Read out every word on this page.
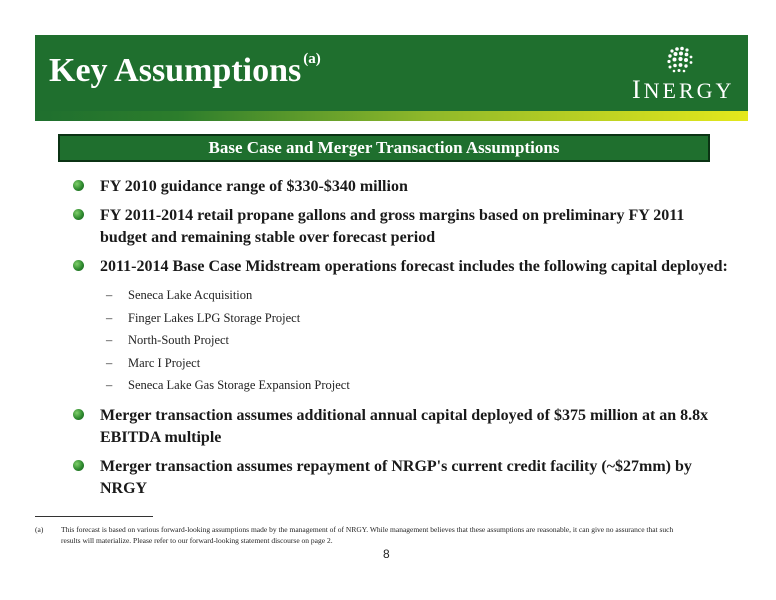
Key Assumptions $^{(a)}$
INERGY
Base Case and Merger Transaction Assumptions
FY 2010 guidance range of $330-$340 million
FY 2011-2014 retail propane gallons and gross margins based on preliminary FY 2011 budget and remaining stable over forecast period
2011-2014 Base Case Midstream operations forecast includes the following capital deployed:
– Seneca Lake Acquisition
– Finger Lakes LPG Storage Project
– North-South Project
– Marc I Project
– Seneca Lake Gas Storage Expansion Project
Merger transaction assumes additional annual capital deployed of $375 million at an 8.8x EBITDA multiple
Merger transaction assumes repayment of NRGP's current credit facility (~$27mm) by NRGY
(a) This forecast is based on various forward-looking assumptions made by the management of of NRGY. While management believes that these assumptions are reasonable, it can give no assurance that such results will materialize. Please refer to our forward-looking statement discourse on page 2.
8
